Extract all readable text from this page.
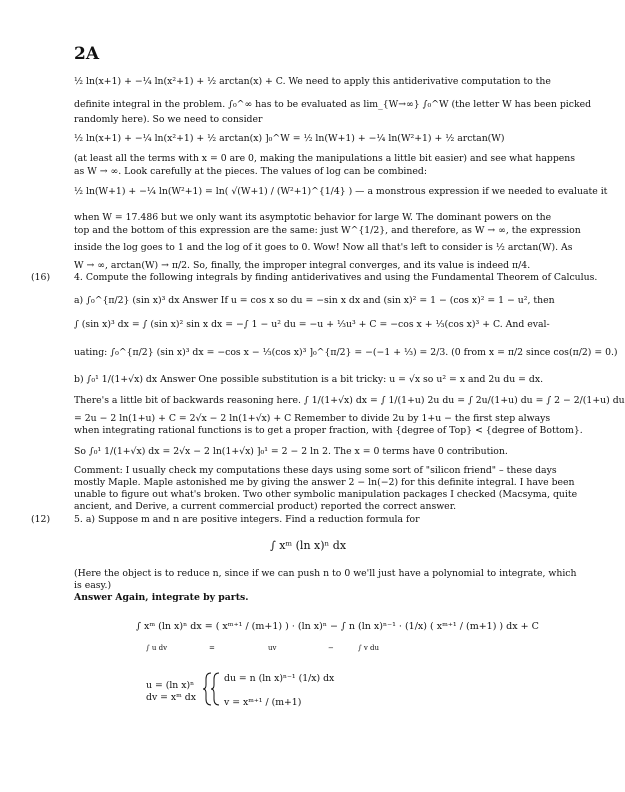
2A
½ ln(x+1) + −¼ ln(x²+1) + ½ arctan(x) + C. We need to apply this antiderivative computation to the
definite integral in the problem. ∫₀^∞ has to be evaluated as lim_{W→∞} ∫₀^W (the letter W has been picked
randomly here). So we need to consider
½ ln(x+1) + −¼ ln(x²+1) + ½ arctan(x) ]₀^W = ½ ln(W+1) + −¼ ln(W²+1) + ½ arctan(W)
(at least all the terms with x = 0 are 0, making the manipulations a little bit easier) and see what happens
as W → ∞. Look carefully at the pieces. The values of log can be combined:
½ ln(W+1) + −¼ ln(W²+1) = ln( √(W+1) / (W²+1)^{1/4} ) — a monstrous expression if we needed to evaluate it
when W = 17.486 but we only want its asymptotic behavior for large W. The dominant powers on the
top and the bottom of this expression are the same: just W^{1/2}, and therefore, as W → ∞, the expression
inside the log goes to 1 and the log of it goes to 0. Wow! Now all that's left to consider is ½ arctan(W). As
W → ∞, arctan(W) → π/2. So, finally, the improper integral converges, and its value is indeed π/4.
(16)	4. Compute the following integrals by finding antiderivatives and using the Fundamental Theorem of Calculus.
a) ∫₀^{π/2} (sin x)³ dx Answer If u = cos x so du = −sin x dx and (sin x)² = 1 − (cos x)² = 1 − u², then
∫ (sin x)³ dx = ∫ (sin x)² sin x dx = −∫ 1 − u² du = −u + ⅓u³ + C = −cos x + ⅓(cos x)³ + C. And eval-
uating: ∫₀^{π/2} (sin x)³ dx = −cos x − ⅓(cos x)³ ]₀^{π/2} = −(−1 + ⅓) = 2/3. (0 from x = π/2 since cos(π/2) = 0.)
b) ∫₀¹ 1/(1+√x) dx Answer One possible substitution is a bit tricky: u = √x so u² = x and 2u du = dx.
There's a little bit of backwards reasoning here. ∫ 1/(1+√x) dx = ∫ 1/(1+u) 2u du = ∫ 2u/(1+u) du = ∫ 2 − 2/(1+u) du
= 2u − 2 ln(1+u) + C = 2√x − 2 ln(1+√x) + C Remember to divide 2u by 1+u − the first step always
when integrating rational functions is to get a proper fraction, with {degree of Top} < {degree of Bottom}.
So ∫₀¹ 1/(1+√x) dx = 2√x − 2 ln(1+√x) ]₀¹ = 2 − 2 ln 2. The x = 0 terms have 0 contribution.
Comment: I usually check my computations these days using some sort of "silicon friend" – these days
mostly Maple. Maple astonished me by giving the answer 2 − ln(−2) for this definite integral. I have been
unable to figure out what's broken. Two other symbolic manipulation packages I checked (Macsyma, quite
ancient, and Derive, a current commercial product) reported the correct answer.
(12)	5. a) Suppose m and n are positive integers. Find a reduction formula for
∫ xᵐ (ln x)ⁿ dx
(Here the object is to reduce n, since if we can push n to 0 we'll just have a polynomial to integrate, which
is easy.)
Answer Again, integrate by parts.
∫ xᵐ (ln x)ⁿ dx = ( xᵐ⁺¹ / (m+1) ) · (ln x)ⁿ − ∫ n (ln x)ⁿ⁻¹ · (1/x) ( xᵐ⁺¹ / (m+1) ) dx + C
∫ u dv	=	uv	−	∫ v du
u = (ln x)ⁿ
dv = xᵐ dx
du = n (ln x)ⁿ⁻¹ (1/x) dx
v = xᵐ⁺¹ / (m+1)
